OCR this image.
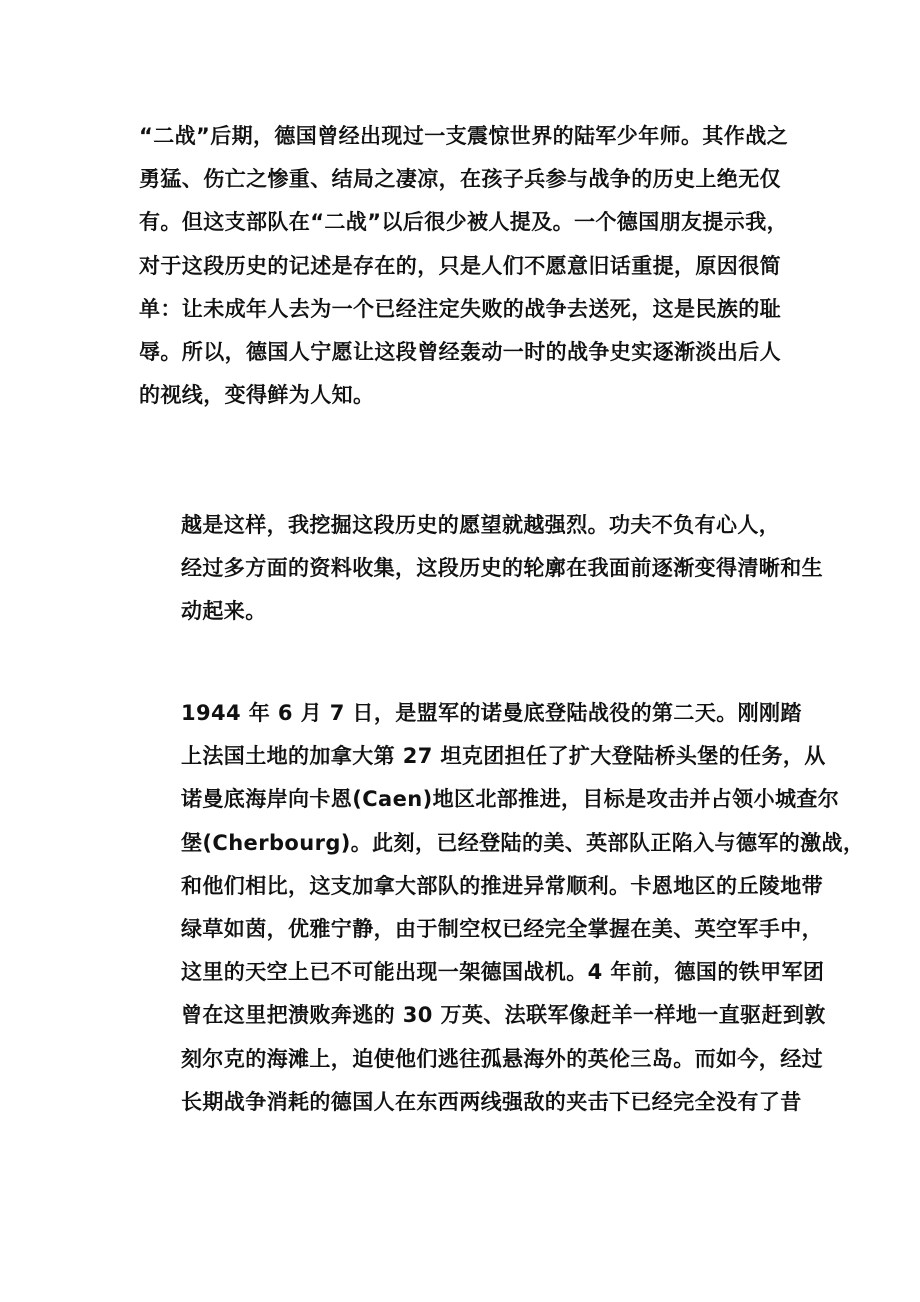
“二战”后期，德国曾经出现过一支震惊世界的陆军少年师。其作战之
勇猛、伤亡之惨重、结局之凄凉，在孩子兵参与战争的历史上绝无仅
有。但这支部队在“二战”以后很少被人提及。一个德国朋友提示我，
对于这段历史的记述是存在的，只是人们不愿意旧话重提，原因很简
单：让未成年人去为一个已经注定失败的战争去送死，这是民族的耻
辱。所以，德国人宁愿让这段曾经轰动一时的战争史实逐渐淡出后人
的视线，变得鲜为人知。
越是这样，我挖掘这段历史的愿望就越强烈。功夫不负有心人，
经过多方面的资料收集，这段历史的轮廓在我面前逐渐变得清晰和生
动起来。
1944 年 6 月 7 日，是盟军的诺曼底登陆战役的第二天。刚刚踏
上法国土地的加拿大第 27 坦克团担任了扩大登陆桥头堡的任务，从
诺曼底海岸向卡恩(Caen)地区北部推进，目标是攻击并占领小城查尔
堡(Cherbourg)。此刻，已经登陆的美、英部队正陷入与德军的激战，
和他们相比，这支加拿大部队的推进异常顺利。卡恩地区的丘陵地带
绿草如茵，优雅宁静，由于制空权已经完全掌握在美、英空军手中，
这里的天空上已不可能出现一架德国战机。4 年前，德国的铁甲军团
曾在这里把溃败奔逃的 30 万英、法联军像赶羊一样地一直驱赶到敦
刻尔克的海滩上，迫使他们逃往孤悬海外的英伦三岛。而如今，经过
长期战争消耗的德国人在东西两线强敌的夹击下已经完全没有了昔
